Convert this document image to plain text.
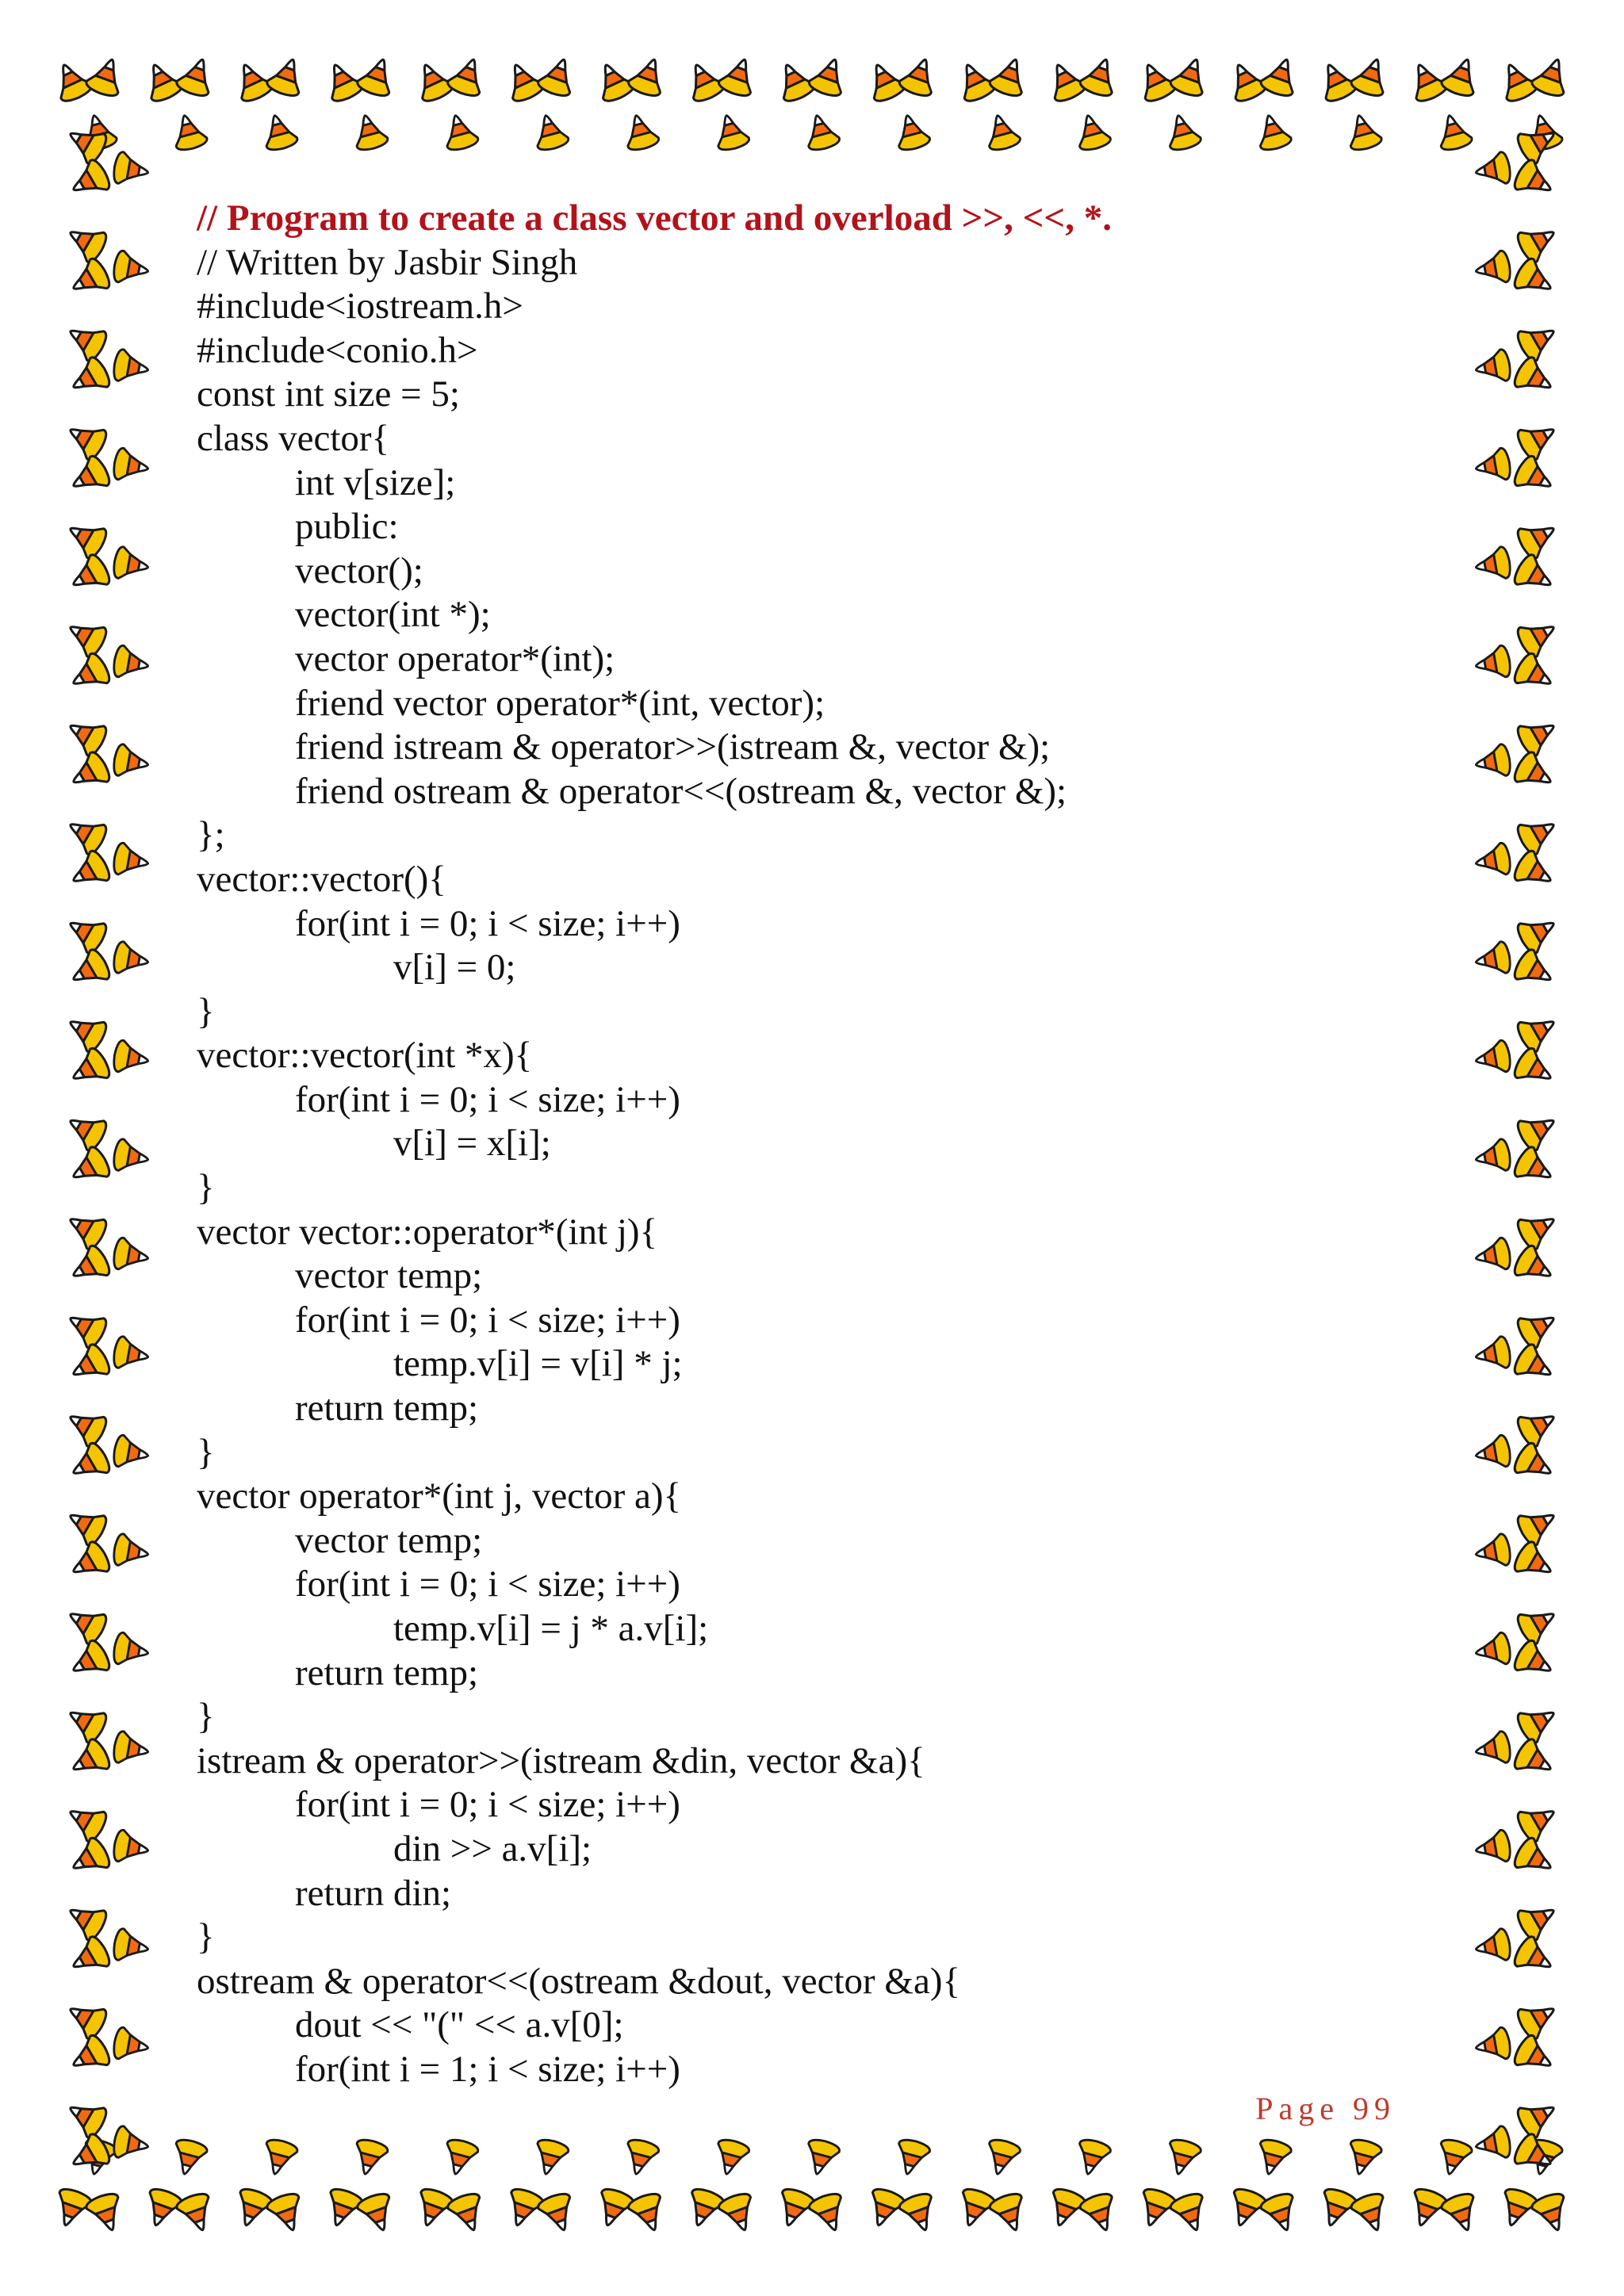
// Program to create a class vector and overload >>, <<, *.
// Written by Jasbir Singh
#include<iostream.h>
#include<conio.h>
const int size = 5;
class vector{
int v[size];
public:
vector();
vector(int *);
vector operator*(int);
friend vector operator*(int, vector);
friend istream & operator>>(istream &, vector &);
friend ostream & operator<<(ostream &, vector &);
};
vector::vector(){
for(int i = 0; i < size; i++)
v[i] = 0;
}
vector::vector(int *x){
for(int i = 0; i < size; i++)
v[i] = x[i];
}
vector vector::operator*(int j){
vector temp;
for(int i = 0; i < size; i++)
temp.v[i] = v[i] * j;
return temp;
}
vector operator*(int j, vector a){
vector temp;
for(int i = 0; i < size; i++)
temp.v[i] = j * a.v[i];
return temp;
}
istream & operator>>(istream &din, vector &a){
for(int i = 0; i < size; i++)
din >> a.v[i];
return din;
}
ostream & operator<<(ostream &dout, vector &a){
dout << "(" << a.v[0];
for(int i = 1; i < size; i++)
Page 99
